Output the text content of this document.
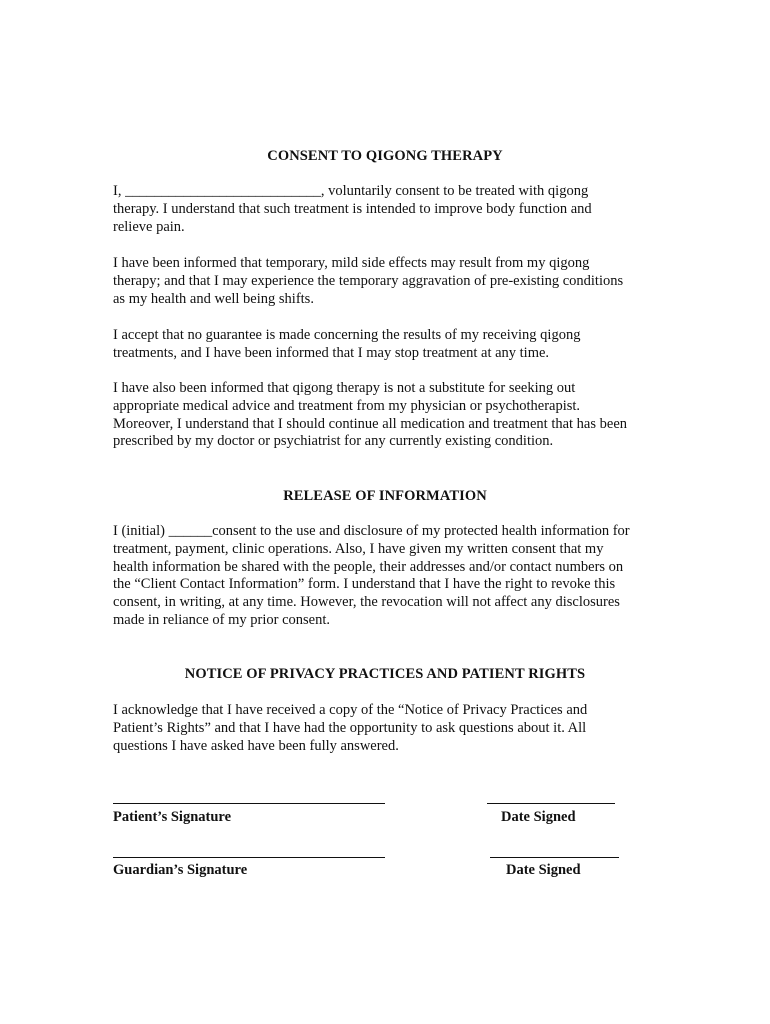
CONSENT TO QIGONG THERAPY

I, ___________________________, voluntarily consent to be treated with qigong
therapy. I understand that such treatment is intended to improve body function and
relieve pain.

I have been informed that temporary, mild side effects may result from my qigong
therapy; and that I may experience the temporary aggravation of pre-existing conditions
as my health and well being shifts.

I accept that no guarantee is made concerning the results of my receiving qigong
treatments, and I have been informed that I may stop treatment at any time.

I have also been informed that qigong therapy is not a substitute for seeking out
appropriate medical advice and treatment from my physician or psychotherapist.
Moreover, I understand that I should continue all medication and treatment that has been
prescribed by my doctor or psychiatrist for any currently existing condition.

RELEASE OF INFORMATION

I (initial) ______consent to the use and disclosure of my protected health information for
treatment, payment, clinic operations. Also, I have given my written consent that my
health information be shared with the people, their addresses and/or contact numbers on
the “Client Contact Information” form. I understand that I have the right to revoke this
consent, in writing, at any time. However, the revocation will not affect any disclosures
made in reliance of my prior consent.

NOTICE OF PRIVACY PRACTICES AND PATIENT RIGHTS

I acknowledge that I have received a copy of the “Notice of Privacy Practices and
Patient’s Rights” and that I have had the opportunity to ask questions about it. All
questions I have asked have been fully answered.

Patient’s Signature	Date Signed
Guardian’s Signature	Date Signed
